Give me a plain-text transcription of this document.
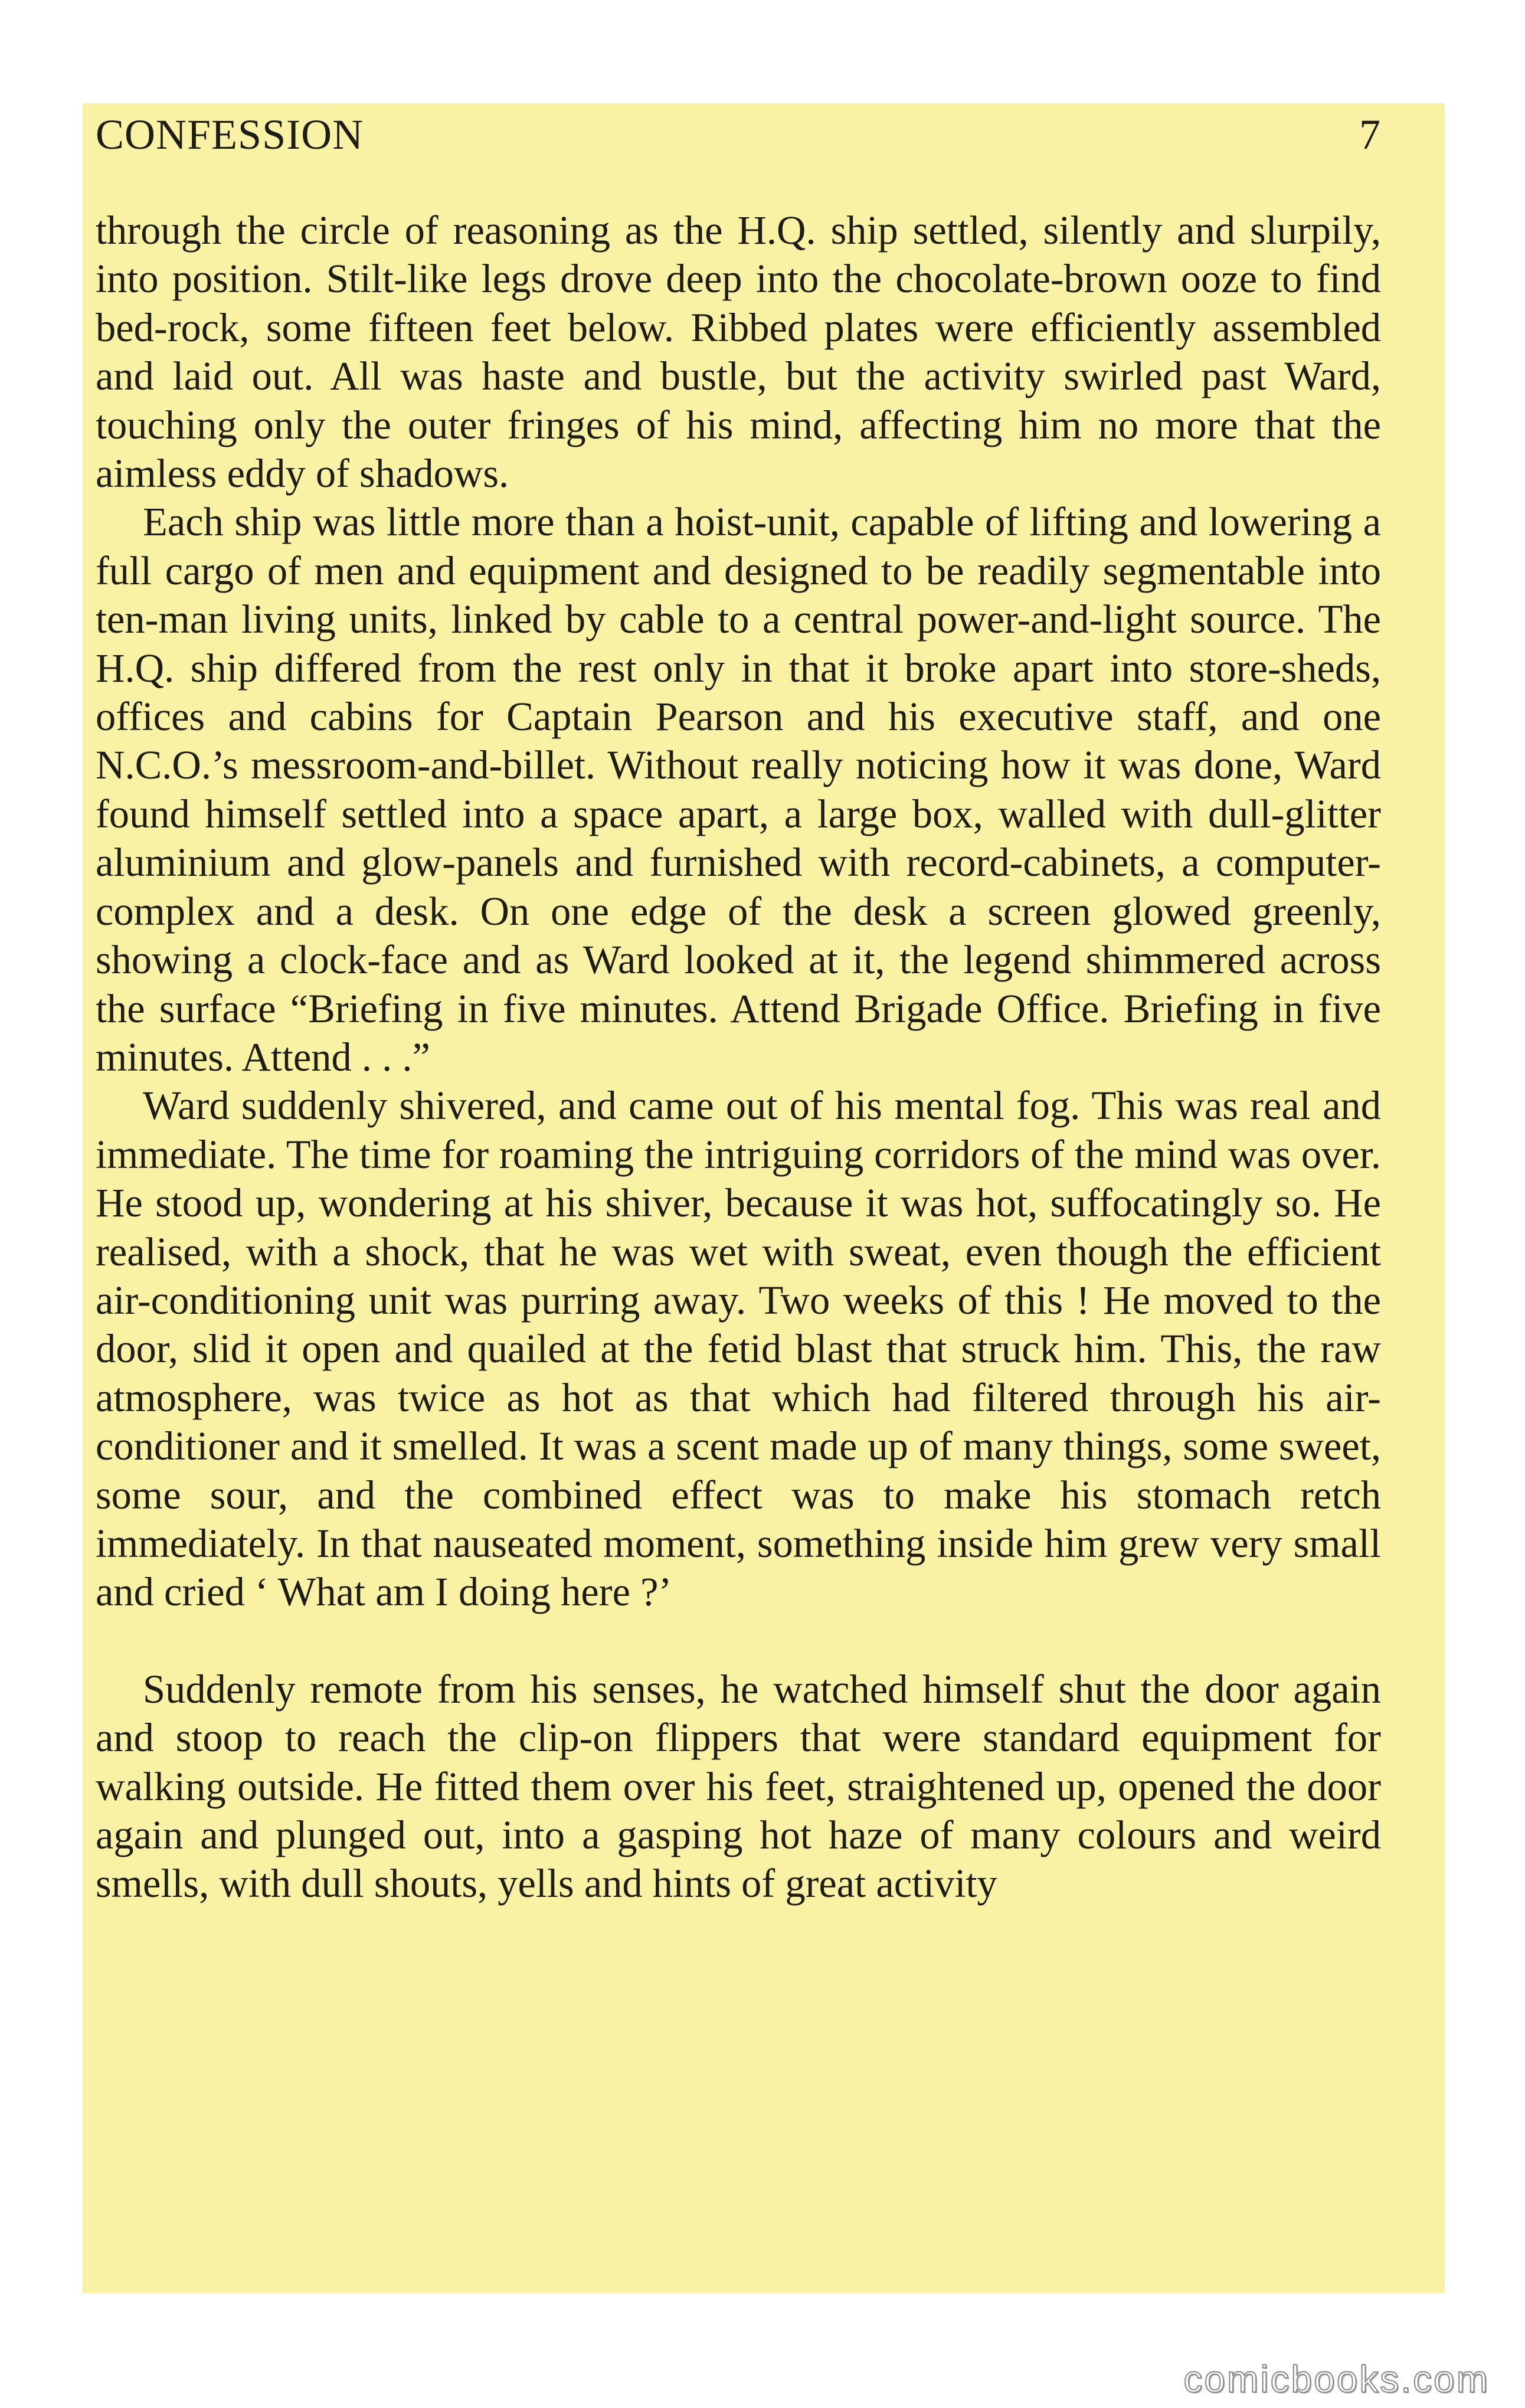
CONFESSION	7

through the circle of reasoning as the H.Q. ship settled, silently and slurpily, into position. Stilt-like legs drove deep into the chocolate-brown ooze to find bed-rock, some fifteen feet below. Ribbed plates were efficiently assembled and laid out. All was haste and bustle, but the activity swirled past Ward, touching only the outer fringes of his mind, affecting him no more that the aimless eddy of shadows.

Each ship was little more than a hoist-unit, capable of lifting and lowering a full cargo of men and equipment and designed to be readily segmentable into ten-man living units, linked by cable to a central power-and-light source. The H.Q. ship differed from the rest only in that it broke apart into store-sheds, offices and cabins for Captain Pearson and his executive staff, and one N.C.O.’s messroom-and-billet. Without really noticing how it was done, Ward found himself settled into a space apart, a large box, walled with dull-glitter aluminium and glow-panels and furnished with record-cabinets, a computer-complex and a desk. On one edge of the desk a screen glowed greenly, showing a clock-face and as Ward looked at it, the legend shimmered across the surface “Briefing in five minutes. Attend Brigade Office. Briefing in five minutes. Attend . . .”

Ward suddenly shivered, and came out of his mental fog. This was real and immediate. The time for roaming the intriguing corridors of the mind was over. He stood up, wondering at his shiver, because it was hot, suffocatingly so. He realised, with a shock, that he was wet with sweat, even though the efficient air-conditioning unit was purring away. Two weeks of this ! He moved to the door, slid it open and quailed at the fetid blast that struck him. This, the raw atmosphere, was twice as hot as that which had filtered through his air-conditioner and it smelled. It was a scent made up of many things, some sweet, some sour, and the combined effect was to make his stomach retch immediately. In that nauseated moment, something inside him grew very small and cried ‘ What am I doing here ?’

Suddenly remote from his senses, he watched himself shut the door again and stoop to reach the clip-on flippers that were standard equipment for walking outside. He fitted them over his feet, straightened up, opened the door again and plunged out, into a gasping hot haze of many colours and weird smells, with dull shouts, yells and hints of great activity

comicbooks.com
